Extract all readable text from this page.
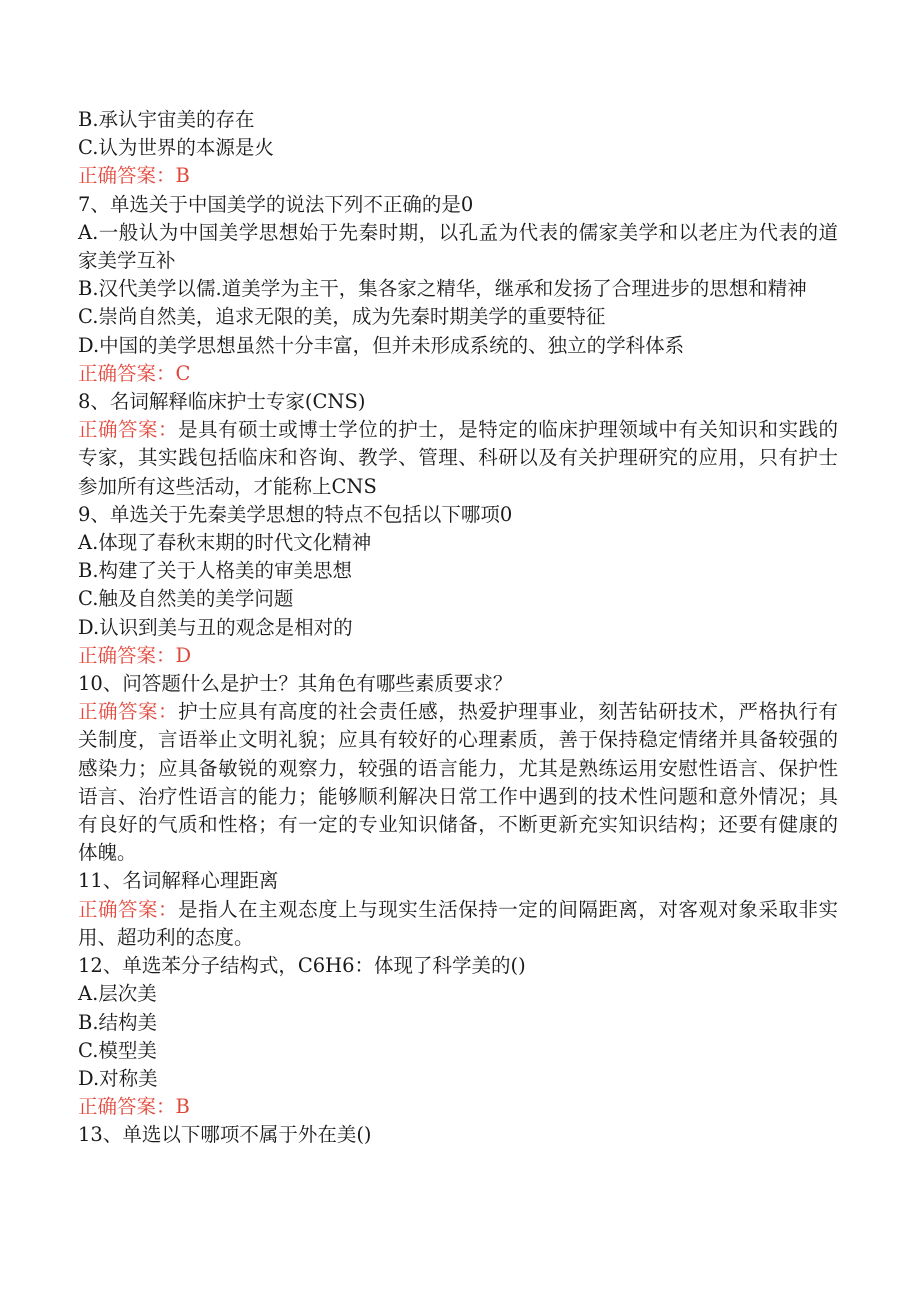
B.承认宇宙美的存在

C.认为世界的本源是火

正确答案：B

7、单选关于中国美学的说法下列不正确的是0

A.一般认为中国美学思想始于先秦时期，以孔孟为代表的儒家美学和以老庄为代表的道家美学互补

B.汉代美学以儒.道美学为主干，集各家之精华，继承和发扬了合理进步的思想和精神

C.崇尚自然美，追求无限的美，成为先秦时期美学的重要特征

D.中国的美学思想虽然十分丰富，但并未形成系统的、独立的学科体系

正确答案：C

8、名词解释临床护士专家(CNS)

正确答案：是具有硕士或博士学位的护士，是特定的临床护理领域中有关知识和实践的专家，其实践包括临床和咨询、教学、管理、科研以及有关护理研究的应用，只有护士参加所有这些活动，才能称上CNS

9、单选关于先秦美学思想的特点不包括以下哪项0

A.体现了春秋末期的时代文化精神

B.构建了关于人格美的审美思想

C.触及自然美的美学问题

D.认识到美与丑的观念是相对的

正确答案：D

10、问答题什么是护士？其角色有哪些素质要求？

正确答案：护士应具有高度的社会责任感，热爱护理事业，刻苦钻研技术，严格执行有关制度，言语举止文明礼貌；应具有较好的心理素质，善于保持稳定情绪并具备较强的感染力；应具备敏锐的观察力，较强的语言能力，尤其是熟练运用安慰性语言、保护性语言、治疗性语言的能力；能够顺利解决日常工作中遇到的技术性问题和意外情况；具有良好的气质和性格；有一定的专业知识储备，不断更新充实知识结构；还要有健康的体魄。

11、名词解释心理距离

正确答案：是指人在主观态度上与现实生活保持一定的间隔距离，对客观对象采取非实用、超功利的态度。

12、单选苯分子结构式，C6H6：体现了科学美的()

A.层次美

B.结构美

C.模型美

D.对称美

正确答案：B

13、单选以下哪项不属于外在美()
